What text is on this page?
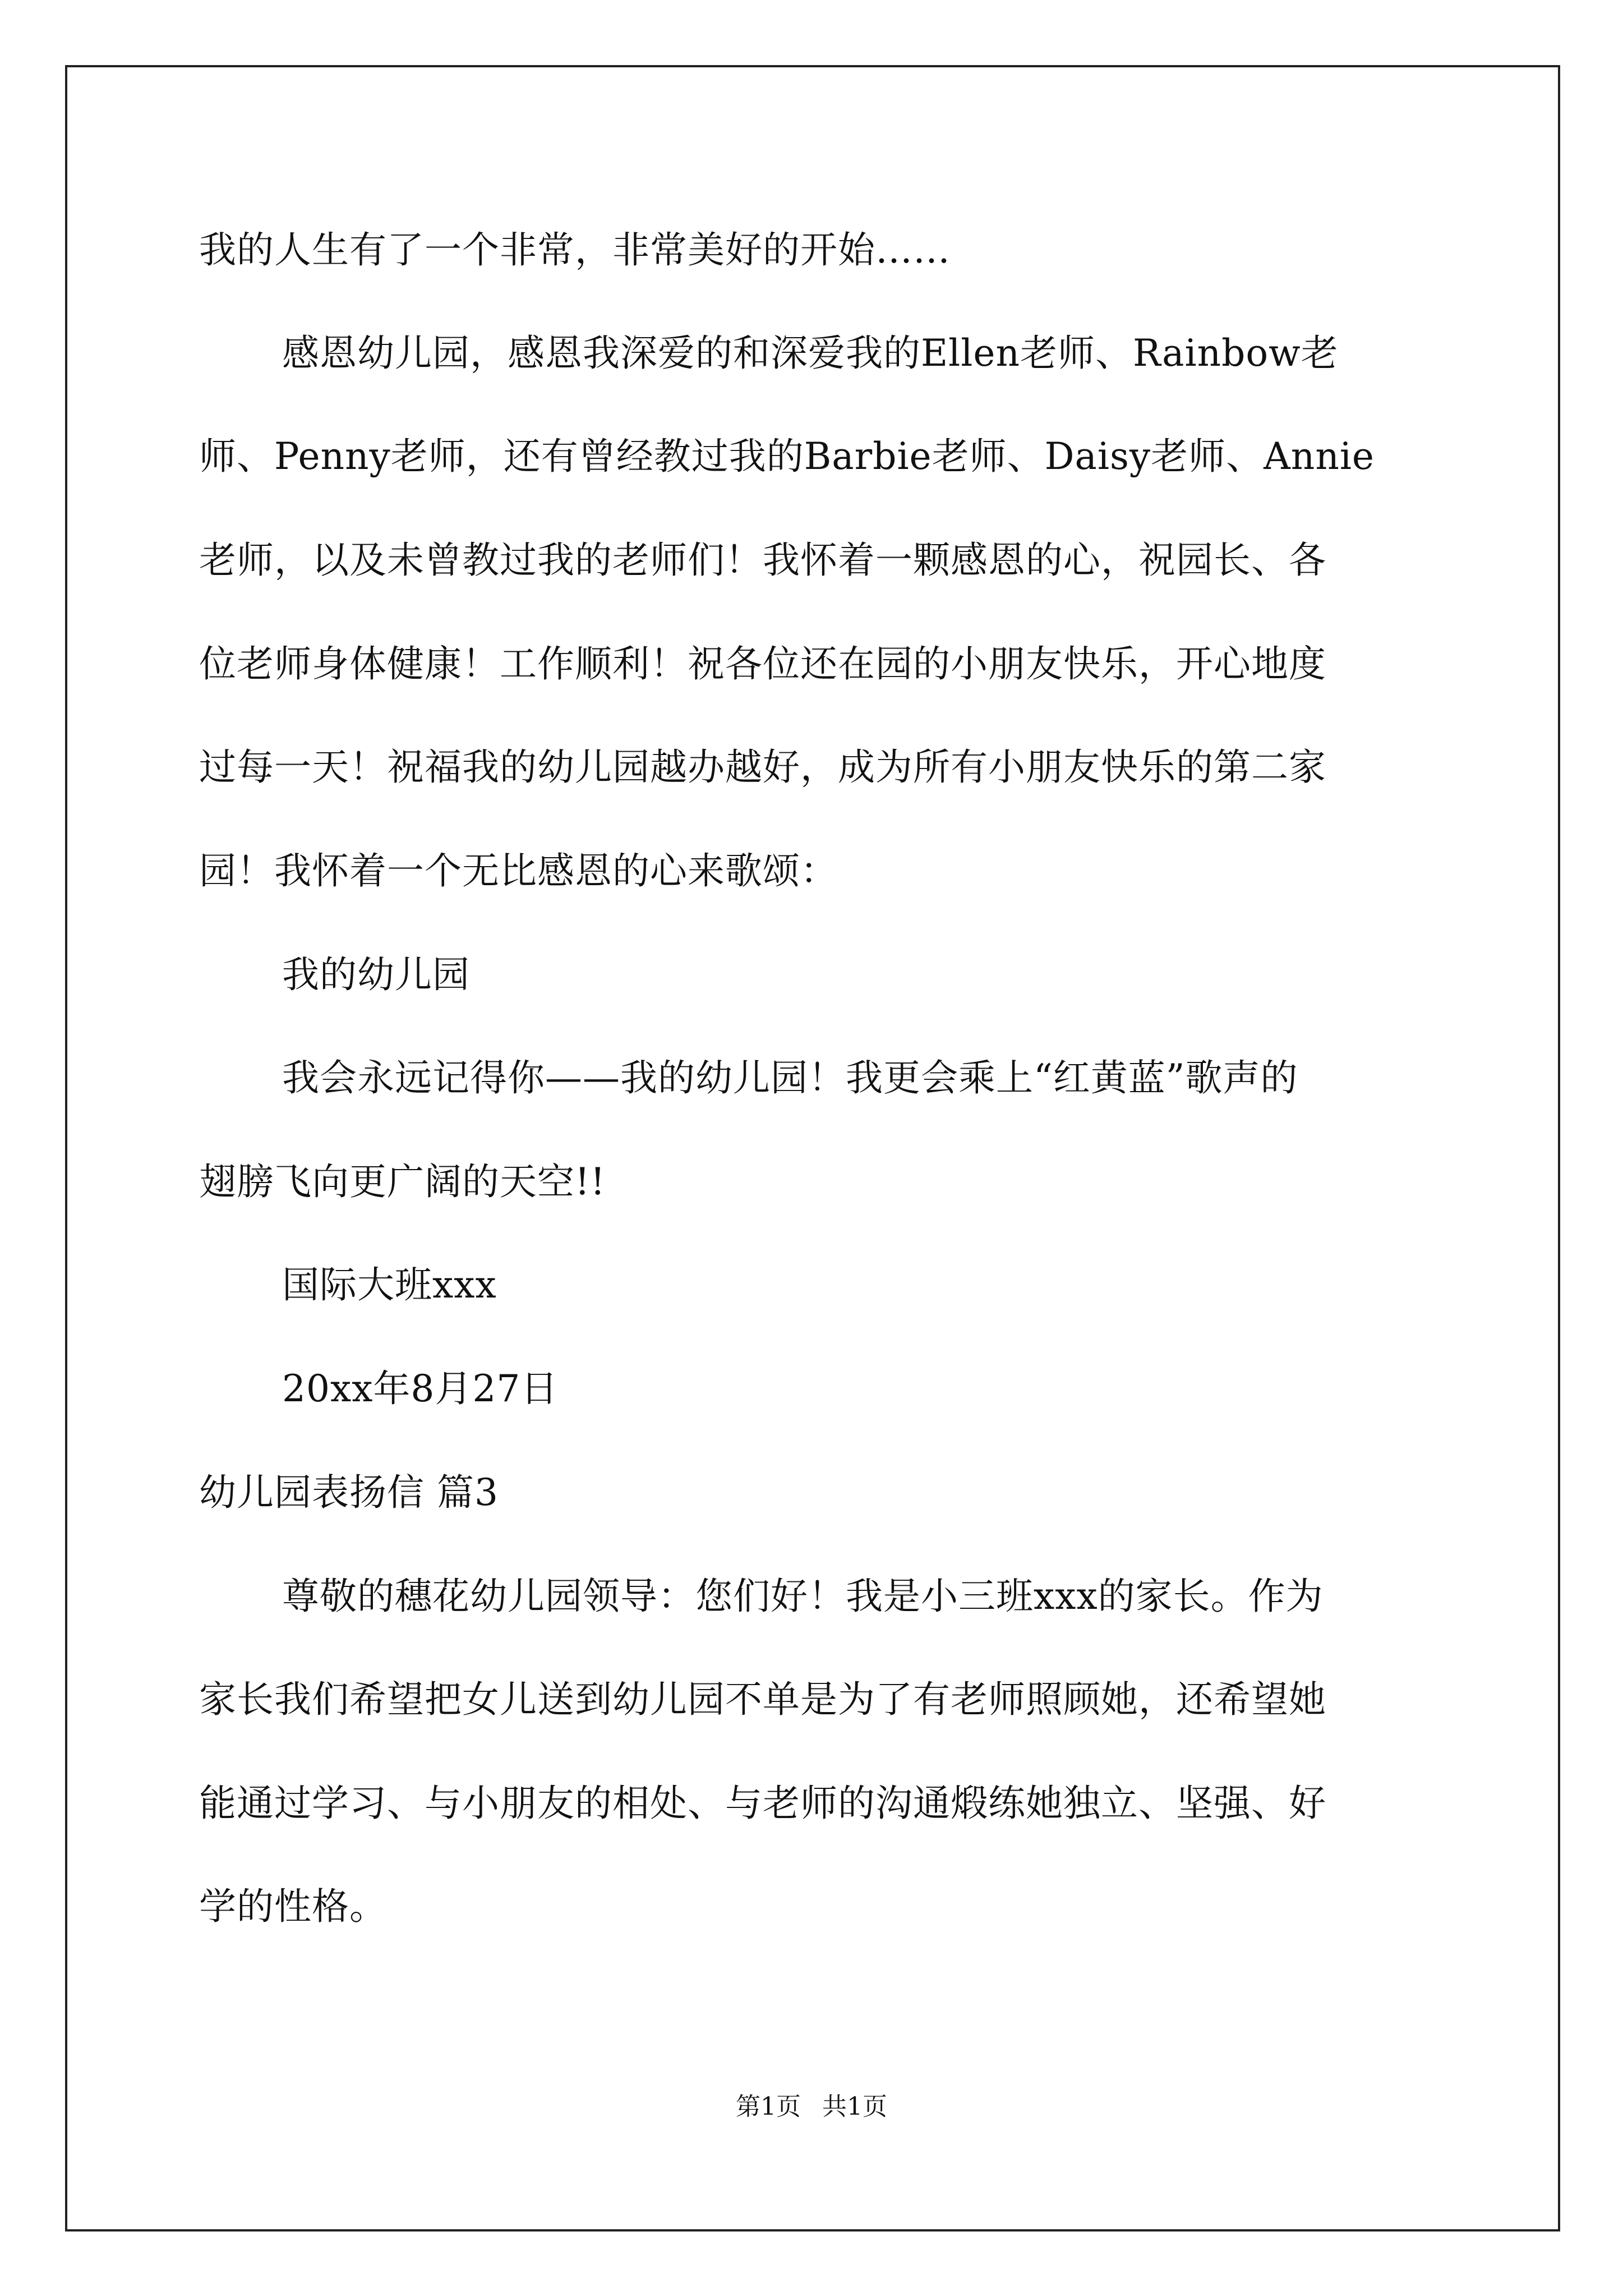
我的人生有了一个非常，非常美好的开始……

感恩幼儿园，感恩我深爱的和深爱我的Ellen老师、Rainbow老

师、Penny老师，还有曾经教过我的Barbie老师、Daisy老师、Annie

老师，以及未曾教过我的老师们！我怀着一颗感恩的心，祝园长、各

位老师身体健康！工作顺利！祝各位还在园的小朋友快乐，开心地度

过每一天！祝福我的幼儿园越办越好，成为所有小朋友快乐的第二家

园！我怀着一个无比感恩的心来歌颂：

我的幼儿园

我会永远记得你——我的幼儿园！我更会乘上“红黄蓝”歌声的

翅膀飞向更广阔的天空!!

国际大班xxx

20xx年8月27日

幼儿园表扬信 篇3

尊敬的穗花幼儿园领导：您们好！我是小三班xxx的家长。作为

家长我们希望把女儿送到幼儿园不单是为了有老师照顾她，还希望她

能通过学习、与小朋友的相处、与老师的沟通煅练她独立、坚强、好

学的性格。

第1页 共1页
